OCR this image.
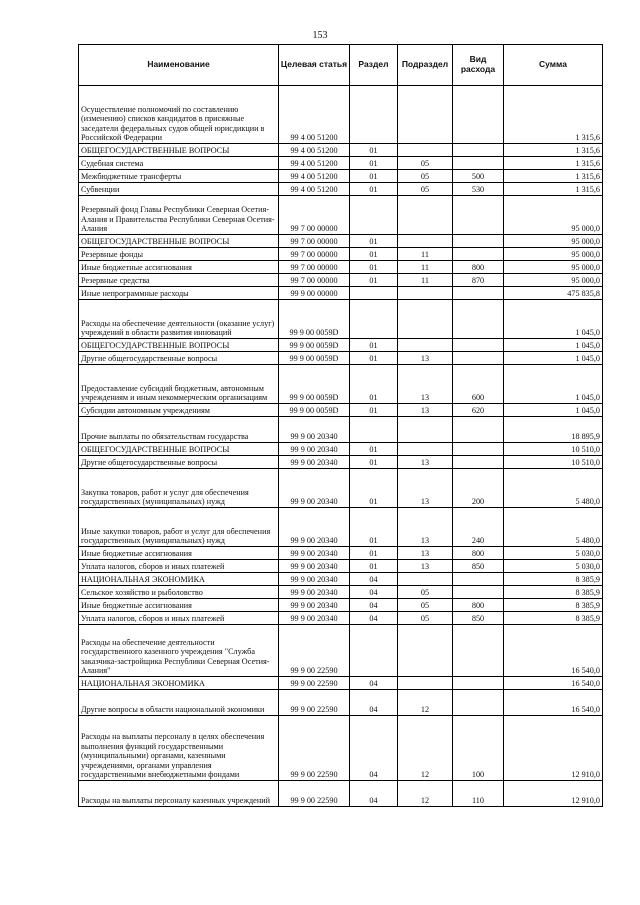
153
Наименование	Целевая статья	Раздел	Подраздел	Вид расхода	Сумма
Осуществление полномочий по составлению (изменению) списков кандидатов в присяжные заседатели федеральных судов общей юрисдикции в Российской Федерации	99 4 00 51200				1 315,6
ОБЩЕГОСУДАРСТВЕННЫЕ ВОПРОСЫ	99 4 00 51200	01			1 315,6
Судебная система	99 4 00 51200	01	05		1 315,6
Межбюджетные трансферты	99 4 00 51200	01	05	500	1 315,6
Субвенции	99 4 00 51200	01	05	530	1 315,6
Резервный фонд Главы Республики Северная Осетия-Алания и Правительства Республики Северная Осетия-Алания	99 7 00 00000				95 000,0
ОБЩЕГОСУДАРСТВЕННЫЕ ВОПРОСЫ	99 7 00 00000	01			95 000,0
Резервные фонды	99 7 00 00000	01	11		95 000,0
Иные бюджетные ассигнования	99 7 00 00000	01	11	800	95 000,0
Резервные средства	99 7 00 00000	01	11	870	95 000,0
Иные непрограммные расходы	99 9 00 00000				475 835,8
Расходы на обеспечение деятельности (оказание услуг) учреждений в области развития инноваций	99 9 00 0059D				1 045,0
ОБЩЕГОСУДАРСТВЕННЫЕ ВОПРОСЫ	99 9 00 0059D	01			1 045,0
Другие общегосударственные вопросы	99 9 00 0059D	01	13		1 045,0
Предоставление субсидий бюджетным, автономным учреждениям и иным некоммерческим организациям	99 9 00 0059D	01	13	600	1 045,0
Субсидии автономным учреждениям	99 9 00 0059D	01	13	620	1 045,0
Прочие выплаты по обязательствам государства	99 9 00 20340				18 895,9
ОБЩЕГОСУДАРСТВЕННЫЕ ВОПРОСЫ	99 9 00 20340	01			10 510,0
Другие общегосударственные вопросы	99 9 00 20340	01	13		10 510,0
Закупка товаров, работ и услуг для обеспечения государственных (муниципальных) нужд	99 9 00 20340	01	13	200	5 480,0
Иные закупки товаров, работ и услуг для обеспечения государственных (муниципальных) нужд	99 9 00 20340	01	13	240	5 480,0
Иные бюджетные ассигнования	99 9 00 20340	01	13	800	5 030,0
Уплата налогов, сборов и иных платежей	99 9 00 20340	01	13	850	5 030,0
НАЦИОНАЛЬНАЯ ЭКОНОМИКА	99 9 00 20340	04			8 385,9
Сельское хозяйство и рыболовство	99 9 00 20340	04	05		8 385,9
Иные бюджетные ассигнования	99 9 00 20340	04	05	800	8 385,9
Уплата налогов, сборов и иных платежей	99 9 00 20340	04	05	850	8 385,9
Расходы на обеспечение деятельности государственного казенного учреждения "Служба заказчика-застройщика Республики Северная Осетия-Алания"	99 9 00 22590				16 540,0
НАЦИОНАЛЬНАЯ ЭКОНОМИКА	99 9 00 22590	04			16 540,0
Другие вопросы в области национальной экономики	99 9 00 22590	04	12		16 540,0
Расходы на выплаты персоналу в целях обеспечения выполнения функций государственными (муниципальными) органами, казенными учреждениями, органами управления государственными внебюджетными фондами	99 9 00 22590	04	12	100	12 910,0
Расходы на выплаты персоналу казенных учреждений	99 9 00 22590	04	12	110	12 910,0
